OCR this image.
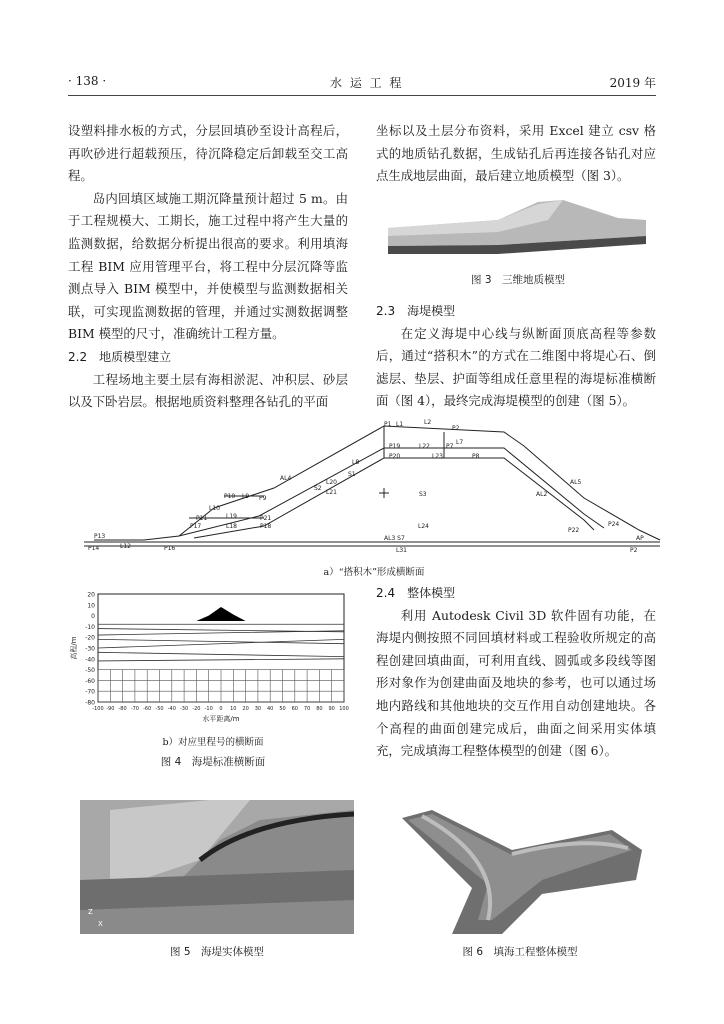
· 138 ·	水 运 工 程	2019 年

设塑料排水板的方式，分层回填砂至设计高程后，再吹砂进行超载预压，待沉降稳定后卸载至交工高程。

岛内回填区域施工期沉降量预计超过 5 m。由于工程规模大、工期长，施工过程中将产生大量的监测数据，给数据分析提出很高的要求。利用填海工程 BIM 应用管理平台，将工程中分层沉降等监测点导入 BIM 模型中，并使模型与监测数据相关联，可实现监测数据的管理，并通过实测数据调整 BIM 模型的尺寸，准确统计工程方量。

2.2　地质模型建立

工程场地主要土层有海相淤泥、冲积层、砂层以及下卧岩层。根据地质资料整理各钻孔的平面

坐标以及土层分布资料，采用 Excel 建立 csv 格式的地质钻孔数据，生成钻孔后再连接各钻孔对应点生成地层曲面，最后建立地质模型（图 3）。

图 3　三维地质模型

2.3　海堤模型

在定义海堤中心线与纵断面顶底高程等参数后，通过“搭积木”的方式在二维图中将堤心石、倒滤层、垫层、护面等组成任意里程的海堤标准横断面（图 4），最终完成海堤模型的创建（图 5）。

P1 L1	L2
P2
P19	L22	P7
L7
P20	L23	P8
L8
S1
AL4
S2
L20
L21	S3
P10 L9 P9
L10
P11	L19	P21
P17	L18	P18	L24
P13
P14	L12	P16
AL3 S7
L31
AL5
AL2
P24
P22
AP
P2
a）“搭积木”形成横断面
20
10
0
-10
-20
-30
-40
-50
-60
-70
-80
-100 -90 -80 -70 -60 -50 -40 -30 -20 -10 0 10 20 30 40 50 60 70 80 90 100
水平距离/m
高程/m
b）对应里程号的横断面
图 4　海堤标准横断面

2.4　整体模型

利用 Autodesk Civil 3D 软件固有功能，在海堤内侧按照不同回填材料或工程验收所规定的高程创建回填曲面，可利用直线、圆弧或多段线等图形对象作为创建曲面及地块的参考，也可以通过场地内路线和其他地块的交互作用自动创建地块。各个高程的曲面创建完成后，曲面之间采用实体填充，完成填海工程整体模型的创建（图 6）。

Z
X
图 5　海堤实体模型	图 6　填海工程整体模型
